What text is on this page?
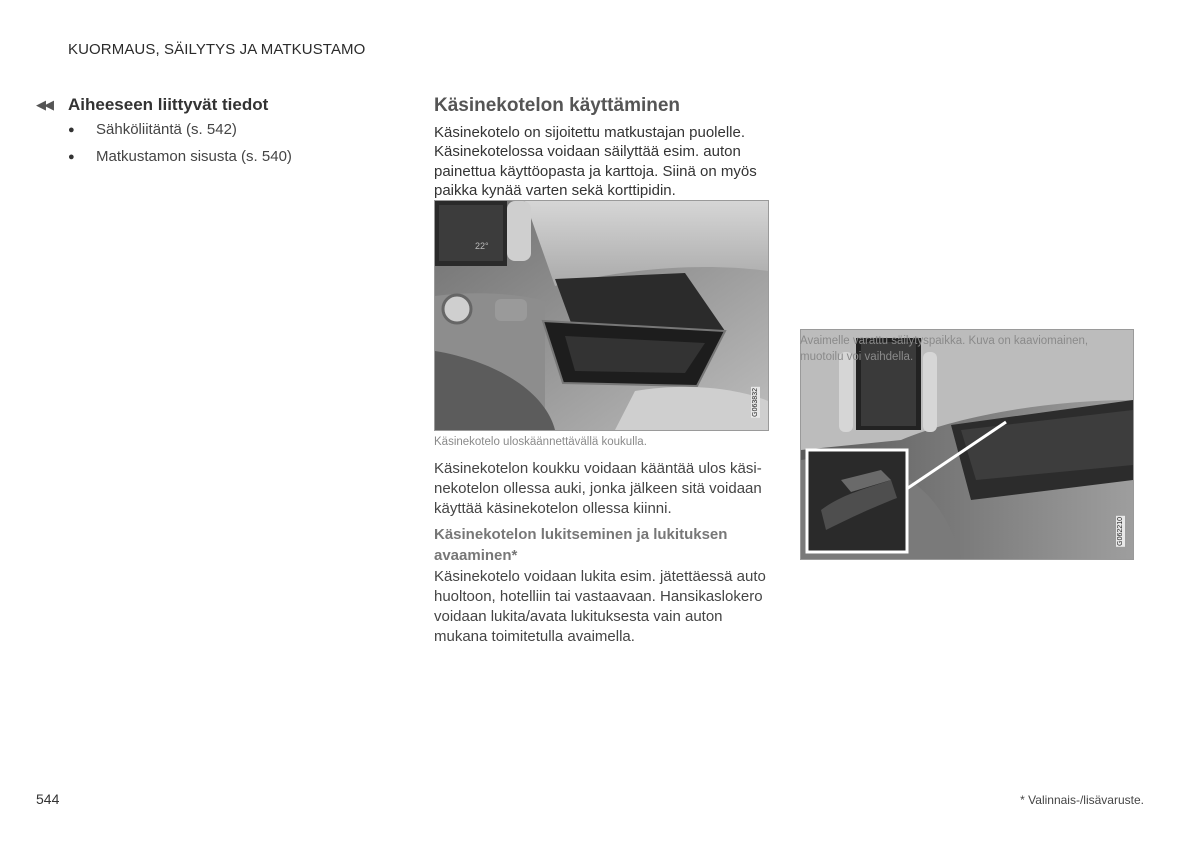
KUORMAUS, SÄILYTYS JA MATKUSTAMO
◀◀ Aiheeseen liittyvät tiedot
●	Sähköliitäntä (s. 542)
●	Matkustamon sisusta (s. 540)
Käsinekotelon käyttäminen

Käsinekotelo on sijoitettu matkustajan puolelle. Käsinekotelossa voidaan säilyttää esim. auton painettua käyttöopasta ja karttoja. Siinä on myös paikka kynää varten sekä korttipidin.

22°
G063832
Käsinekotelo uloskäännettävällä koukulla.

Käsinekotelon koukku voidaan kääntää ulos käsi-nekotelon ollessa auki, jonka jälkeen sitä voidaan käyttää käsinekotelon ollessa kiinni.

Käsinekotelon lukitseminen ja lukituksen avaaminen*

Käsinekotelo voidaan lukita esim. jätettäessä auto huoltoon, hotelliin tai vastaavaan. Hansikaslokero voidaan lukita/avata lukituksesta vain auton mukana toimitetulla avaimella.

G062210
Avaimelle varattu säilytyspaikka. Kuva on kaaviomainen, muotoilu voi vaihdella.
544	* Valinnais-/lisävaruste.
